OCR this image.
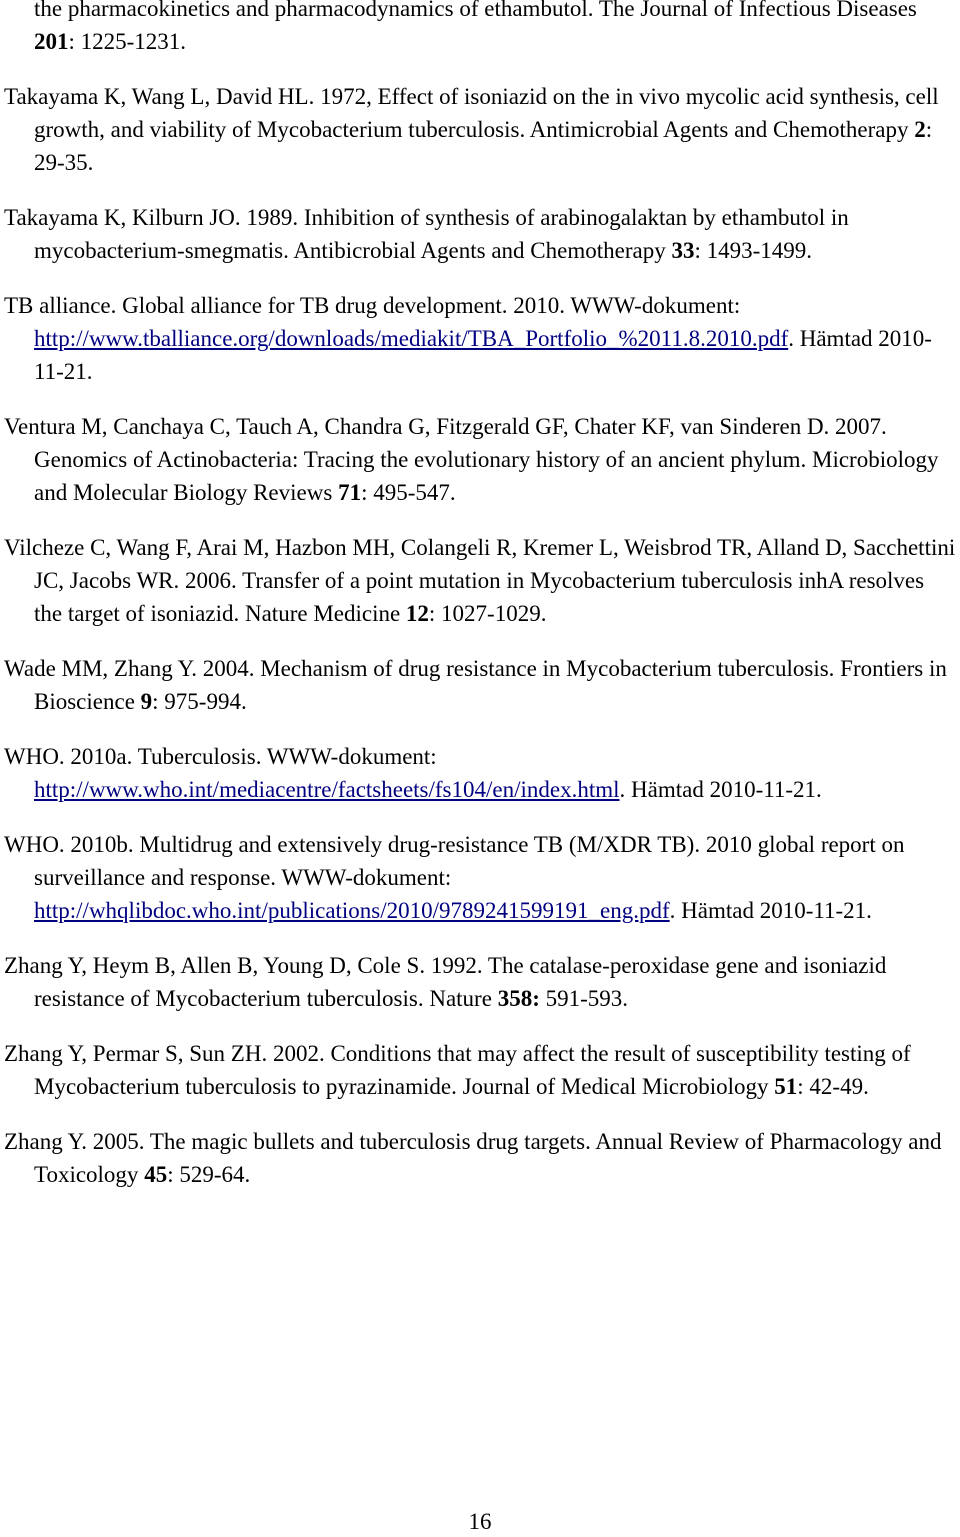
the pharmacokinetics and pharmacodynamics of ethambutol. The Journal of Infectious Diseases 201: 1225-1231.

Takayama K, Wang L, David HL. 1972, Effect of isoniazid on the in vivo mycolic acid synthesis, cell growth, and viability of Mycobacterium tuberculosis. Antimicrobial Agents and Chemotherapy 2: 29-35.

Takayama K, Kilburn JO. 1989. Inhibition of synthesis of arabinogalaktan by ethambutol in mycobacterium-smegmatis. Antibicrobial Agents and Chemotherapy 33: 1493-1499.

TB alliance. Global alliance for TB drug development. 2010. WWW-dokument: http://www.tballiance.org/downloads/mediakit/TBA_Portfolio_%2011.8.2010.pdf. Hämtad 2010-11-21.

Ventura M, Canchaya C, Tauch A, Chandra G, Fitzgerald GF, Chater KF, van Sinderen D. 2007. Genomics of Actinobacteria: Tracing the evolutionary history of an ancient phylum. Microbiology and Molecular Biology Reviews 71: 495-547.

Vilcheze C, Wang F, Arai M, Hazbon MH, Colangeli R, Kremer L, Weisbrod TR, Alland D, Sacchettini JC, Jacobs WR. 2006. Transfer of a point mutation in Mycobacterium tuberculosis inhA resolves the target of isoniazid. Nature Medicine 12: 1027-1029.

Wade MM, Zhang Y. 2004. Mechanism of drug resistance in Mycobacterium tuberculosis. Frontiers in Bioscience 9: 975-994.

WHO. 2010a. Tuberculosis. WWW-dokument: http://www.who.int/mediacentre/factsheets/fs104/en/index.html. Hämtad 2010-11-21.

WHO. 2010b. Multidrug and extensively drug-resistance TB (M/XDR TB). 2010 global report on surveillance and response. WWW-dokument: http://whqlibdoc.who.int/publications/2010/9789241599191_eng.pdf. Hämtad 2010-11-21.

Zhang Y, Heym B, Allen B, Young D, Cole S. 1992. The catalase-peroxidase gene and isoniazid resistance of Mycobacterium tuberculosis. Nature 358: 591-593.

Zhang Y, Permar S, Sun ZH. 2002. Conditions that may affect the result of susceptibility testing of Mycobacterium tuberculosis to pyrazinamide. Journal of Medical Microbiology 51: 42-49.

Zhang Y. 2005. The magic bullets and tuberculosis drug targets. Annual Review of Pharmacology and Toxicology 45: 529-64.

16
